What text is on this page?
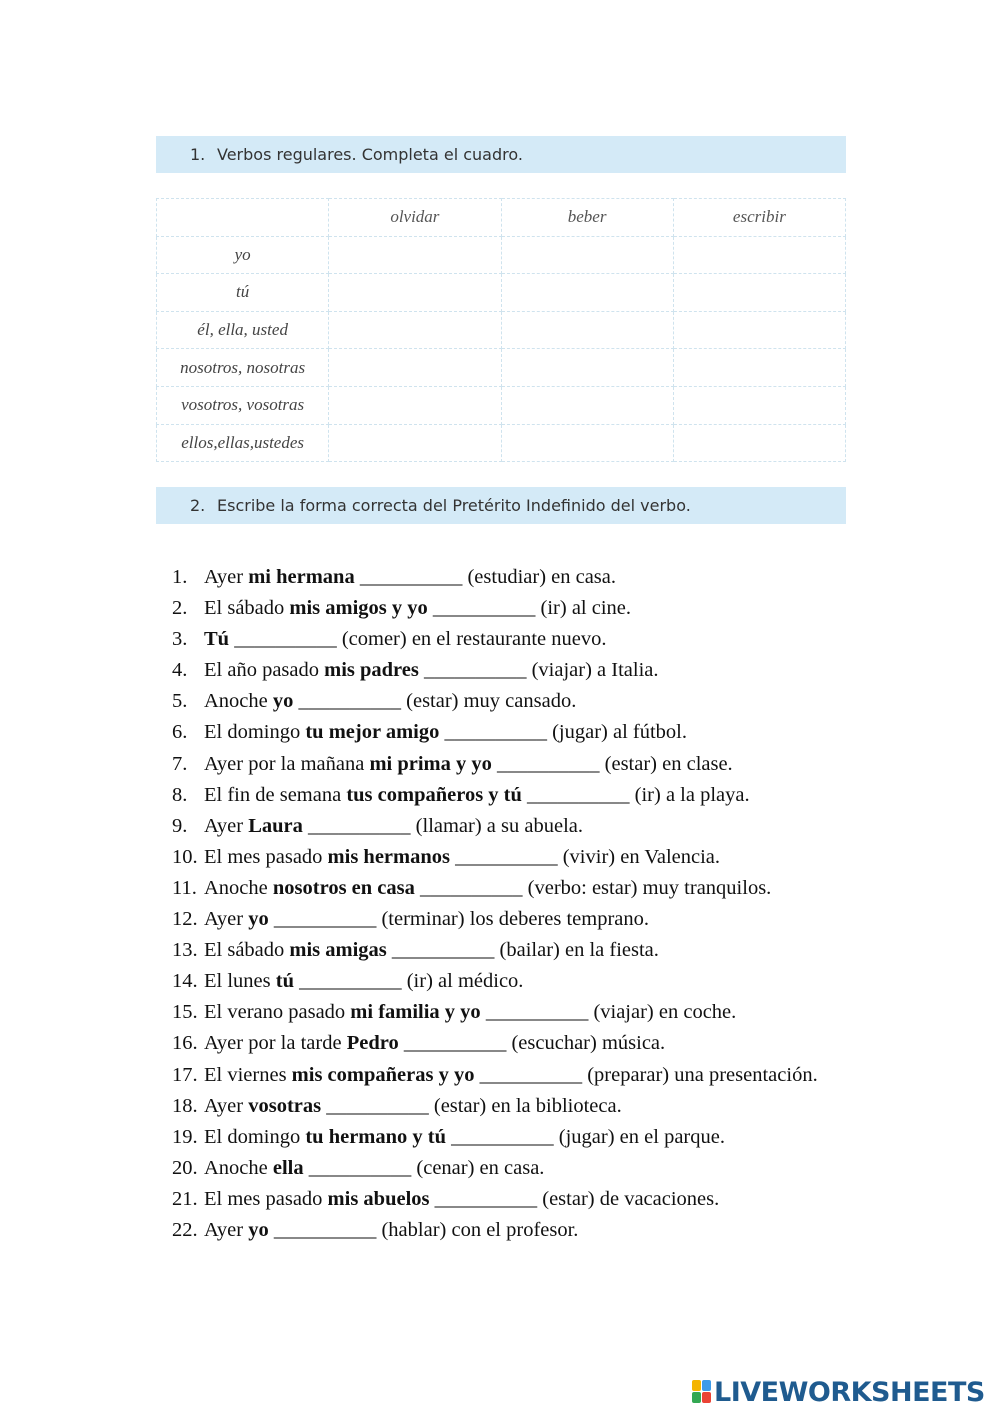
1. Verbos regulares. Completa el cuadro.
	olvidar	beber	escribir
yo			
tú			
él, ella, usted			
nosotros, nosotras			
vosotros, vosotras			
ellos,ellas,ustedes			
2. Escribe la forma correcta del Pretérito Indefinido del verbo.
1. Ayer mi hermana __________ (estudiar) en casa.
2. El sábado mis amigos y yo __________ (ir) al cine.
3. Tú __________ (comer) en el restaurante nuevo.
4. El año pasado mis padres __________ (viajar) a Italia.
5. Anoche yo __________ (estar) muy cansado.
6. El domingo tu mejor amigo __________ (jugar) al fútbol.
7. Ayer por la mañana mi prima y yo __________ (estar) en clase.
8. El fin de semana tus compañeros y tú __________ (ir) a la playa.
9. Ayer Laura __________ (llamar) a su abuela.
10. El mes pasado mis hermanos __________ (vivir) en Valencia.
11. Anoche nosotros en casa __________ (verbo: estar) muy tranquilos.
12. Ayer yo __________ (terminar) los deberes temprano.
13. El sábado mis amigas __________ (bailar) en la fiesta.
14. El lunes tú __________ (ir) al médico.
15. El verano pasado mi familia y yo __________ (viajar) en coche.
16. Ayer por la tarde Pedro __________ (escuchar) música.
17. El viernes mis compañeras y yo __________ (preparar) una presentación.
18. Ayer vosotras __________ (estar) en la biblioteca.
19. El domingo tu hermano y tú __________ (jugar) en el parque.
20. Anoche ella __________ (cenar) en casa.
21. El mes pasado mis abuelos __________ (estar) de vacaciones.
22. Ayer yo __________ (hablar) con el profesor.
LIVEWORKSHEETS
